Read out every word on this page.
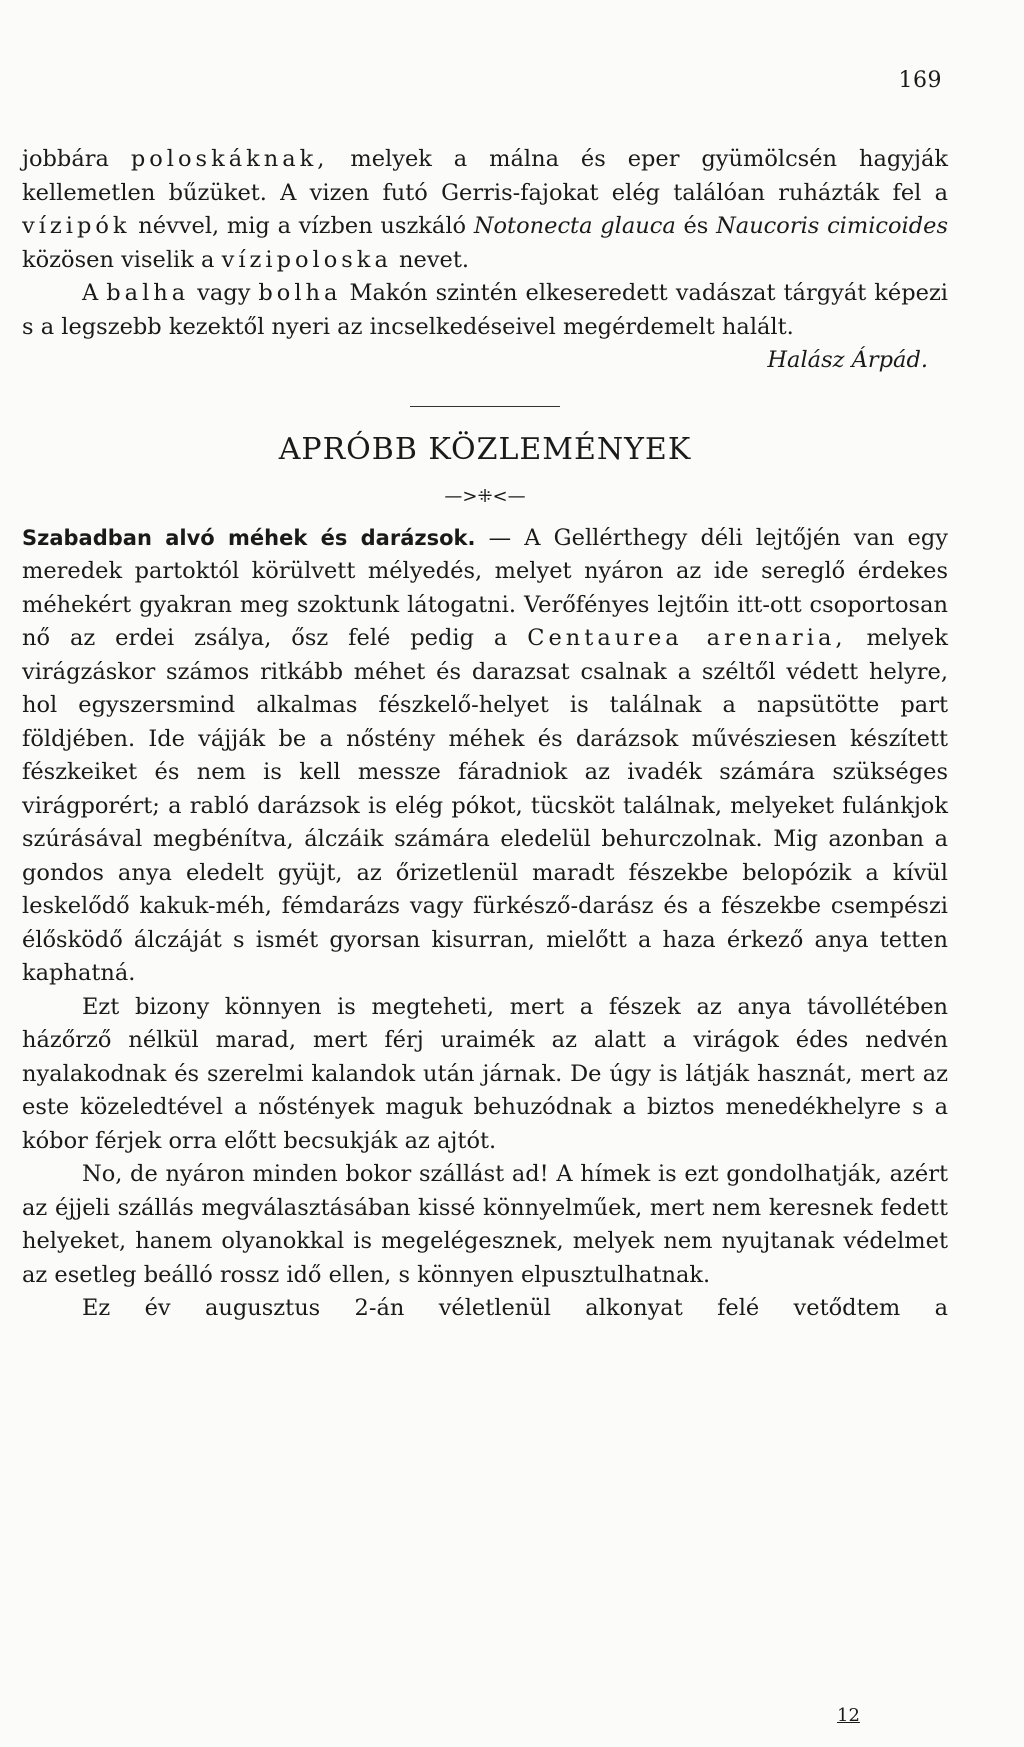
169

jobbára poloskáknak, melyek a málna és eper gyümölcsén hagyják kellemetlen bűzüket. A vizen futó Gerris-fajokat elég találóan ruházták fel a vízipók névvel, mig a vízben uszkáló Notonecta glauca és Naucoris cimicoides közösen viselik a vízipoloska nevet.

A balha vagy bolha Makón szintén elkeseredett vadászat tárgyát képezi s a legszebb kezektől nyeri az incselkedéseivel megérdemelt halált.

Halász Árpád.

APRÓBB KÖZLEMÉNYEK
—>⁜<—

Szabadban alvó méhek és darázsok. — A Gellérthegy déli lejtőjén van egy meredek partoktól körülvett mélyedés, melyet nyáron az ide sereglő érdekes méhekért gyakran meg szoktunk látogatni. Verőfényes lejtőin itt-ott csoportosan nő az erdei zsálya, ősz felé pedig a Centaurea arenaria, melyek virágzáskor számos ritkább méhet és darazsat csalnak a széltől védett helyre, hol egyszersmind alkalmas fészkelő-helyet is találnak a napsütötte part földjében. Ide vájják be a nőstény méhek és darázsok művésziesen készített fészkeiket és nem is kell messze fáradniok az ivadék számára szükséges virágporért; a rabló darázsok is elég pókot, tücsköt találnak, melyeket fulánkjok szúrásával megbénítva, álczáik számára eledelül behurczolnak. Mig azonban a gondos anya eledelt gyüjt, az őrizetlenül maradt fészekbe belopózik a kívül leskelődő kakuk-méh, fémdarázs vagy fürkésző-darász és a fészekbe csempészi élősködő álczáját s ismét gyorsan kisurran, mielőtt a haza érkező anya tetten kaphatná.

Ezt bizony könnyen is megteheti, mert a fészek az anya távollétében házőrző nélkül marad, mert férj uraimék az alatt a virágok édes nedvén nyalakodnak és szerelmi kalandok után járnak. De úgy is látják hasznát, mert az este közeledtével a nőstények maguk behuzódnak a biztos menedékhelyre s a kóbor férjek orra előtt becsukják az ajtót.

No, de nyáron minden bokor szállást ad! A hímek is ezt gondolhatják, azért az éjjeli szállás megválasztásában kissé könnyelműek, mert nem keresnek fedett helyeket, hanem olyanokkal is megelégesznek, melyek nem nyujtanak védelmet az esetleg beálló rossz idő ellen, s könnyen elpusztulhatnak.

Ez év augusztus 2-án véletlenül alkonyat felé vetődtem a

12
